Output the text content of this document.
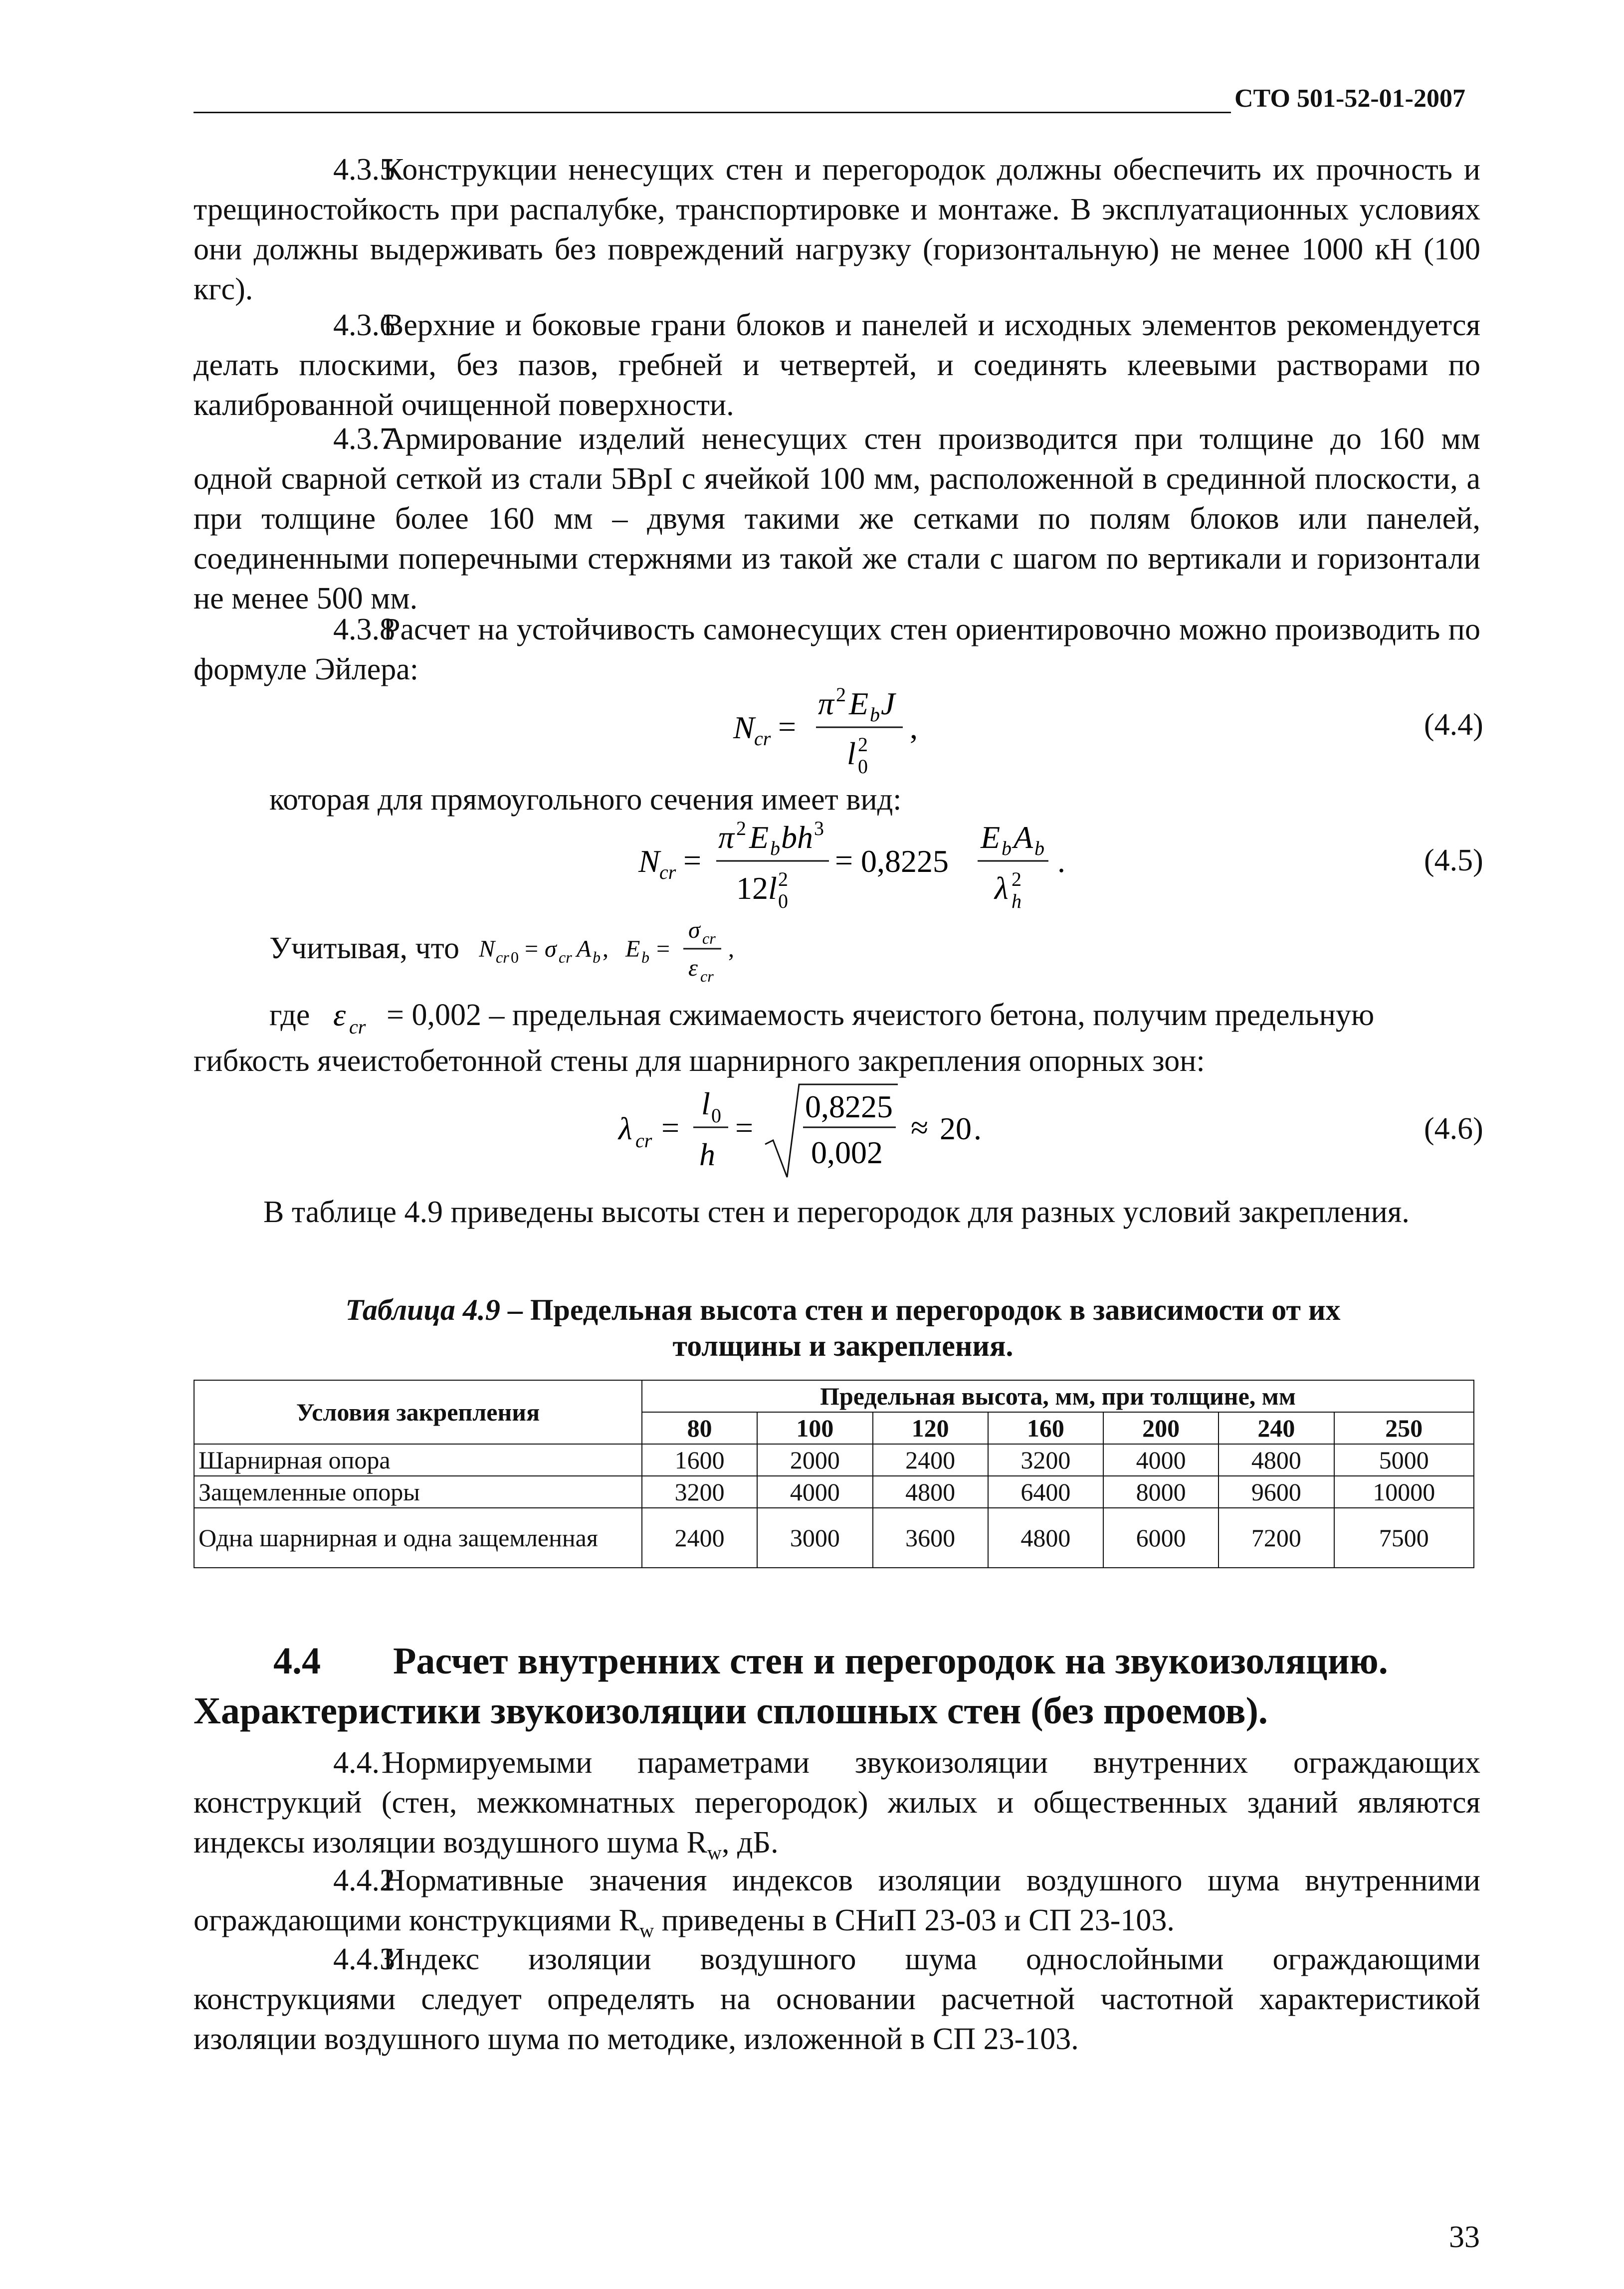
СТО 501-52-01-2007
4.3.5Конструкции ненесущих стен и перегородок должны обеспечить их прочность и трещиностойкость при распалубке, транспортировке и монтаже. В эксплуатационных условиях они должны выдерживать без повреждений нагрузку (горизонтальную) не менее 1000 кН (100 кгс).
4.3.6Верхние и боковые грани блоков и панелей и исходных элементов рекомендуется делать плоскими, без пазов, гребней и четвертей, и соединять клеевыми растворами по калиброванной очищенной поверхности.
4.3.7Армирование изделий ненесущих стен производится при толщине до 160 мм одной сварной сеткой из стали 5ВрI с ячейкой 100 мм, расположенной в срединной плоскости, а при толщине более 160 мм – двумя такими же сетками по полям блоков или панелей, соединенными поперечными стержнями из такой же стали с шагом по вертикали и горизонтали не менее 500 мм.
4.3.8Расчет на устойчивость самонесущих стен ориентировочно можно производить по формуле Эйлера:
N cr =
π 2 E b J
l 2
0
,	(4.4)
которая для прямоугольного сечения имеет вид:
N cr =
π 2 E b bh 3
12 l 2
0
= 0,8225
E b A b
λ 2
h
.	(4.5)
Учитывая, что N cr 0 = σ cr A b , E b =
σ cr
ε cr
,
где ε cr = 0,002 – предельная сжимаемость ячеистого бетона, получим предельную
гибкость ячеистобетонной стены для шарнирного закрепления опорных зон:
λ cr =
l 0
h
=
0,8225
0,002
≈ 20 .	(4.6)
В таблице 4.9 приведены высоты стен и перегородок для разных условий закрепления.
Таблица 4.9 – Предельная высота стен и перегородок в зависимости от их толщины и закрепления.
Условия закрепления	Предельная высота, мм, при толщине, мм						
	80	100	120	160	200	240	250
Шарнирная опора	1600	2000	2400	3200	4000	4800	5000
Защемленные опоры	3200	4000	4800	6400	8000	9600	10000
Одна шарнирная и одна защемленная	2400	3000	3600	4800	6000	7200	7500
4.4 Расчет внутренних стен и перегородок на звукоизоляцию.
Характеристики звукоизоляции сплошных стен (без проемов).
4.4.1Нормируемыми параметрами звукоизоляции внутренних ограждающих конструкций (стен, межкомнатных перегородок) жилых и общественных зданий являются индексы изоляции воздушного шума $R_w$, дБ.
4.4.2Нормативные значения индексов изоляции воздушного шума внутренними ограждающими конструкциями $R_w$ приведены в СНиП 23-03 и СП 23-103.
4.4.3Индекс изоляции воздушного шума однослойными ограждающими конструкциями следует определять на основании расчетной частотной характеристикой изоляции воздушного шума по методике, изложенной в СП 23-103.
33
